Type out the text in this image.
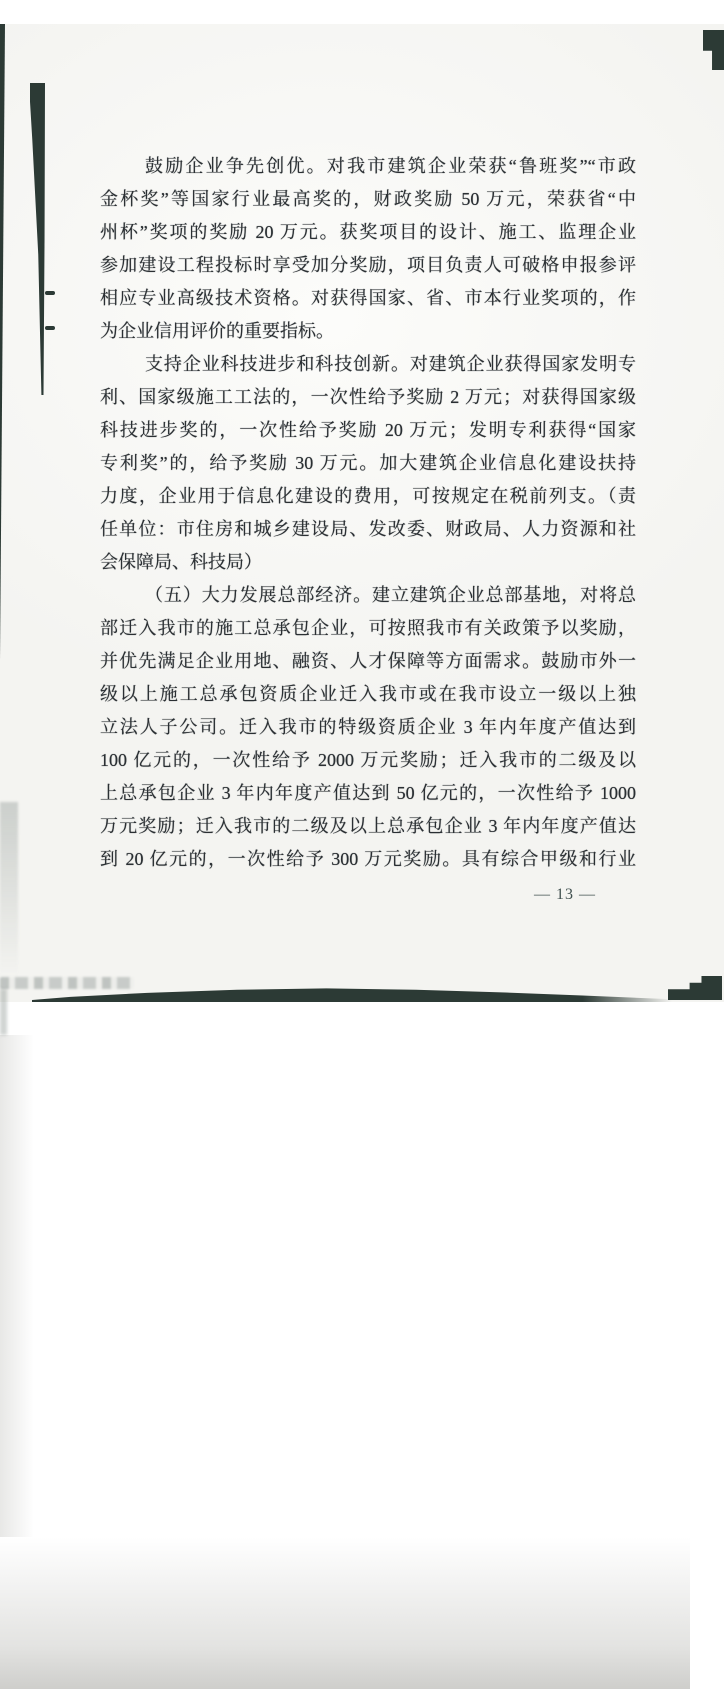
鼓励企业争先创优。对我市建筑企业荣获“鲁班奖”“市政
金杯奖”等国家行业最高奖的，财政奖励 50 万元，荣获省“中
州杯”奖项的奖励 20 万元。获奖项目的设计、施工、监理企业
参加建设工程投标时享受加分奖励，项目负责人可破格申报参评
相应专业高级技术资格。对获得国家、省、市本行业奖项的，作
为企业信用评价的重要指标。
支持企业科技进步和科技创新。对建筑企业获得国家发明专
利、国家级施工工法的，一次性给予奖励 2 万元；对获得国家级
科技进步奖的，一次性给予奖励 20 万元；发明专利获得“国家
专利奖”的，给予奖励 30 万元。加大建筑企业信息化建设扶持
力度，企业用于信息化建设的费用，可按规定在税前列支。（责
任单位：市住房和城乡建设局、发改委、财政局、人力资源和社
会保障局、科技局）
（五）大力发展总部经济。建立建筑企业总部基地，对将总
部迁入我市的施工总承包企业，可按照我市有关政策予以奖励，
并优先满足企业用地、融资、人才保障等方面需求。鼓励市外一
级以上施工总承包资质企业迁入我市或在我市设立一级以上独
立法人子公司。迁入我市的特级资质企业 3 年内年度产值达到
100 亿元的，一次性给予 2000 万元奖励；迁入我市的二级及以
上总承包企业 3 年内年度产值达到 50 亿元的，一次性给予 1000
万元奖励；迁入我市的二级及以上总承包企业 3 年内年度产值达
到 20 亿元的，一次性给予 300 万元奖励。具有综合甲级和行业
— 13 —
